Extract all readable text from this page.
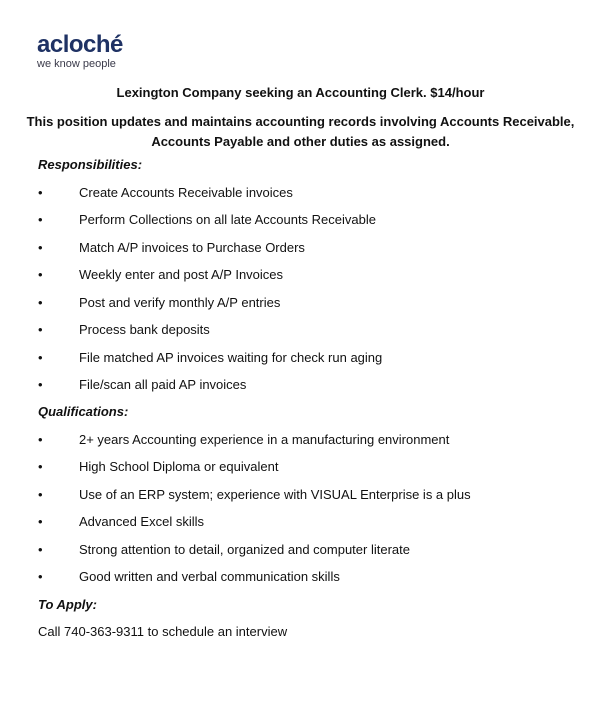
acloché
we know people
Lexington Company seeking an Accounting Clerk. $14/hour
This position updates and maintains accounting records involving Accounts Receivable,
Accounts Payable and other duties as assigned.
Responsibilities:
•	Create Accounts Receivable invoices
•	Perform Collections on all late Accounts Receivable
•	Match A/P invoices to Purchase Orders
•	Weekly enter and post A/P Invoices
•	Post and verify monthly A/P entries
•	Process bank deposits
•	File matched AP invoices waiting for check run aging
•	File/scan all paid AP invoices
Qualifications:
•	2+ years Accounting experience in a manufacturing environment
•	High School Diploma or equivalent
•	Use of an ERP system; experience with VISUAL Enterprise is a plus
•	Advanced Excel skills
•	Strong attention to detail, organized and computer literate
•	Good written and verbal communication skills
To Apply:
Call 740-363-9311 to schedule an interview
